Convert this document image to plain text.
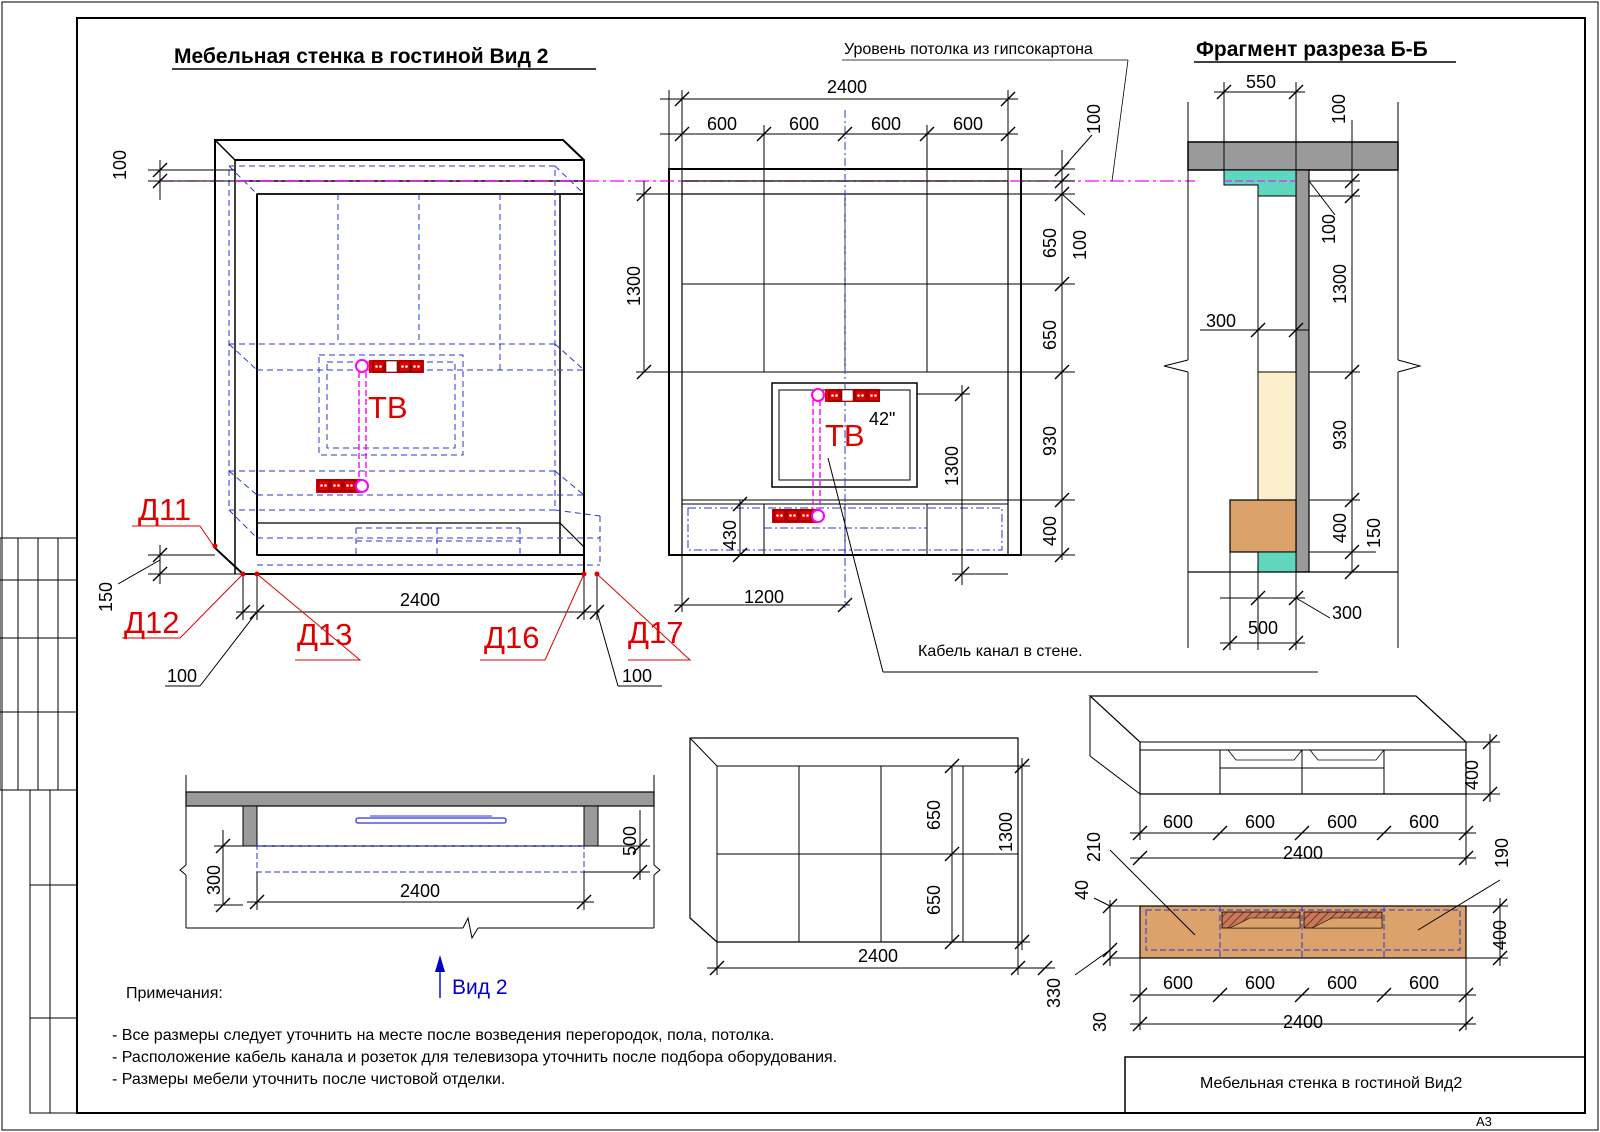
Мебельная стенка в гостиной Вид 2
ТВ
100
150	2400
100	100
Д11
Д12	Д13	Д16	Д17
Уровень потолка из гипсокартона
ТВ 42"
2400
600	600	600	600	100
100
650
650
930
400
1300
1300
430
1200
Кабель канал в стене.
Фрагмент разреза Б-Б
550
100
100
1300
300
930
400 150
500
300
300
500
2400
Вид 2
650
650
1300
2400
330
400
600	600	600	600
2400
210	190
40
400
600	600	600	600
2400
30
Примечания:
- Все размеры следует уточнить на месте после возведения перегородок, пола, потолка.
- Расположение кабель канала и розеток для телевизора уточнить после подбора оборудования.
- Размеры мебели уточнить после чистовой отделки.	Мебельная стенка в гостиной Вид2
А3
